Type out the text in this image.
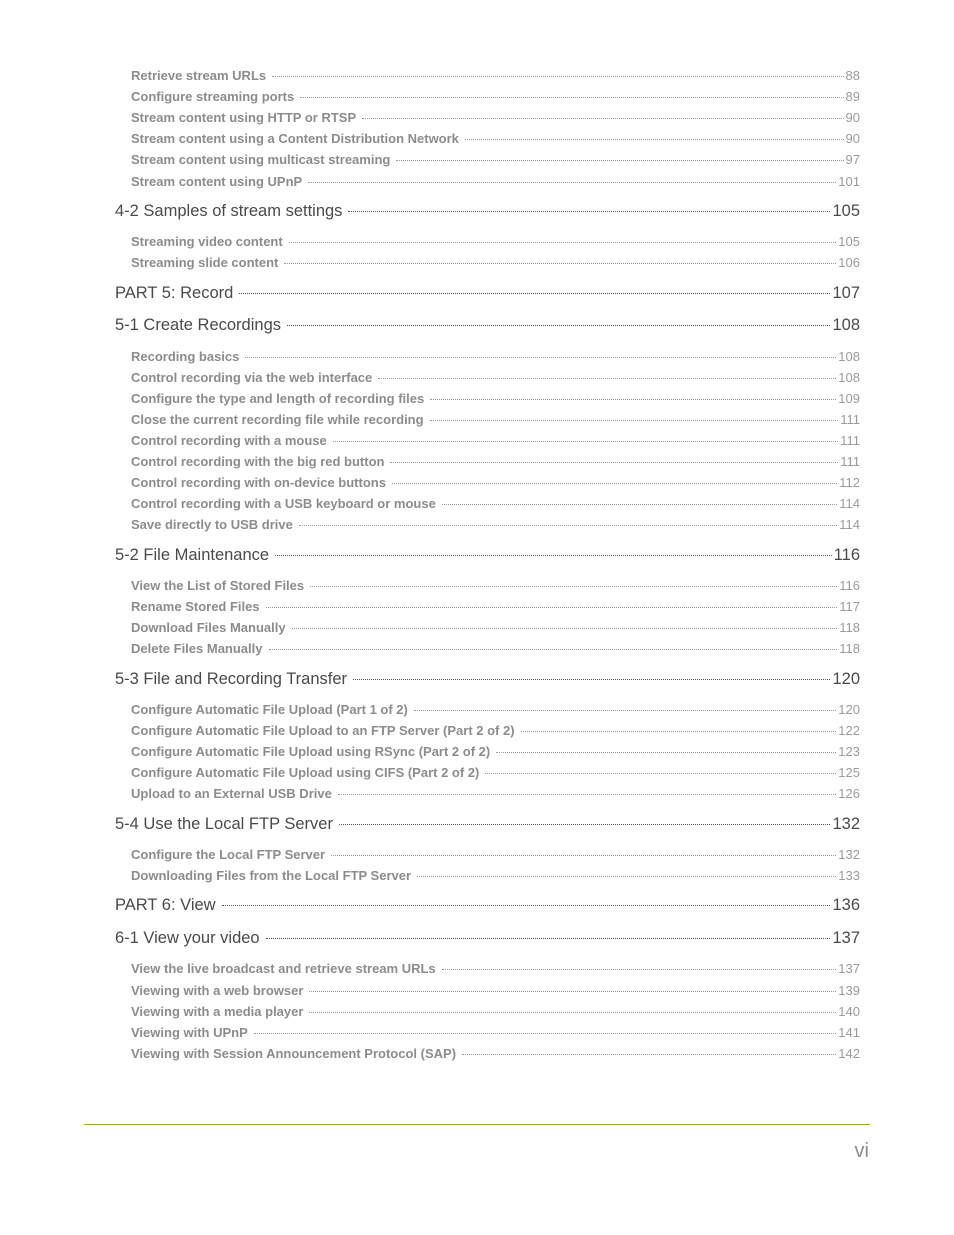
Retrieve stream URLs	88
Configure streaming ports	89
Stream content using HTTP or RTSP	90
Stream content using a Content Distribution Network	90
Stream content using multicast streaming	97
Stream content using UPnP	101
4-2 Samples of stream settings	105
Streaming video content	105
Streaming slide content	106
PART 5: Record	107
5-1 Create Recordings	108
Recording basics	108
Control recording via the web interface	108
Configure the type and length of recording files	109
Close the current recording file while recording	111
Control recording with a mouse	111
Control recording with the big red button	111
Control recording with on-device buttons	112
Control recording with a USB keyboard or mouse	114
Save directly to USB drive	114
5-2 File Maintenance	116
View the List of Stored Files	116
Rename Stored Files	117
Download Files Manually	118
Delete Files Manually	118
5-3 File and Recording Transfer	120
Configure Automatic File Upload (Part 1 of 2)	120
Configure Automatic File Upload to an FTP Server (Part 2 of 2)	122
Configure Automatic File Upload using RSync (Part 2 of 2)	123
Configure Automatic File Upload using CIFS (Part 2 of 2)	125
Upload to an External USB Drive	126
5-4 Use the Local FTP Server	132
Configure the Local FTP Server	132
Downloading Files from the Local FTP Server	133
PART 6: View	136
6-1 View your video	137
View the live broadcast and retrieve stream URLs	137
Viewing with a web browser	139
Viewing with a media player	140
Viewing with UPnP	141
Viewing with Session Announcement Protocol (SAP)	142
vi
